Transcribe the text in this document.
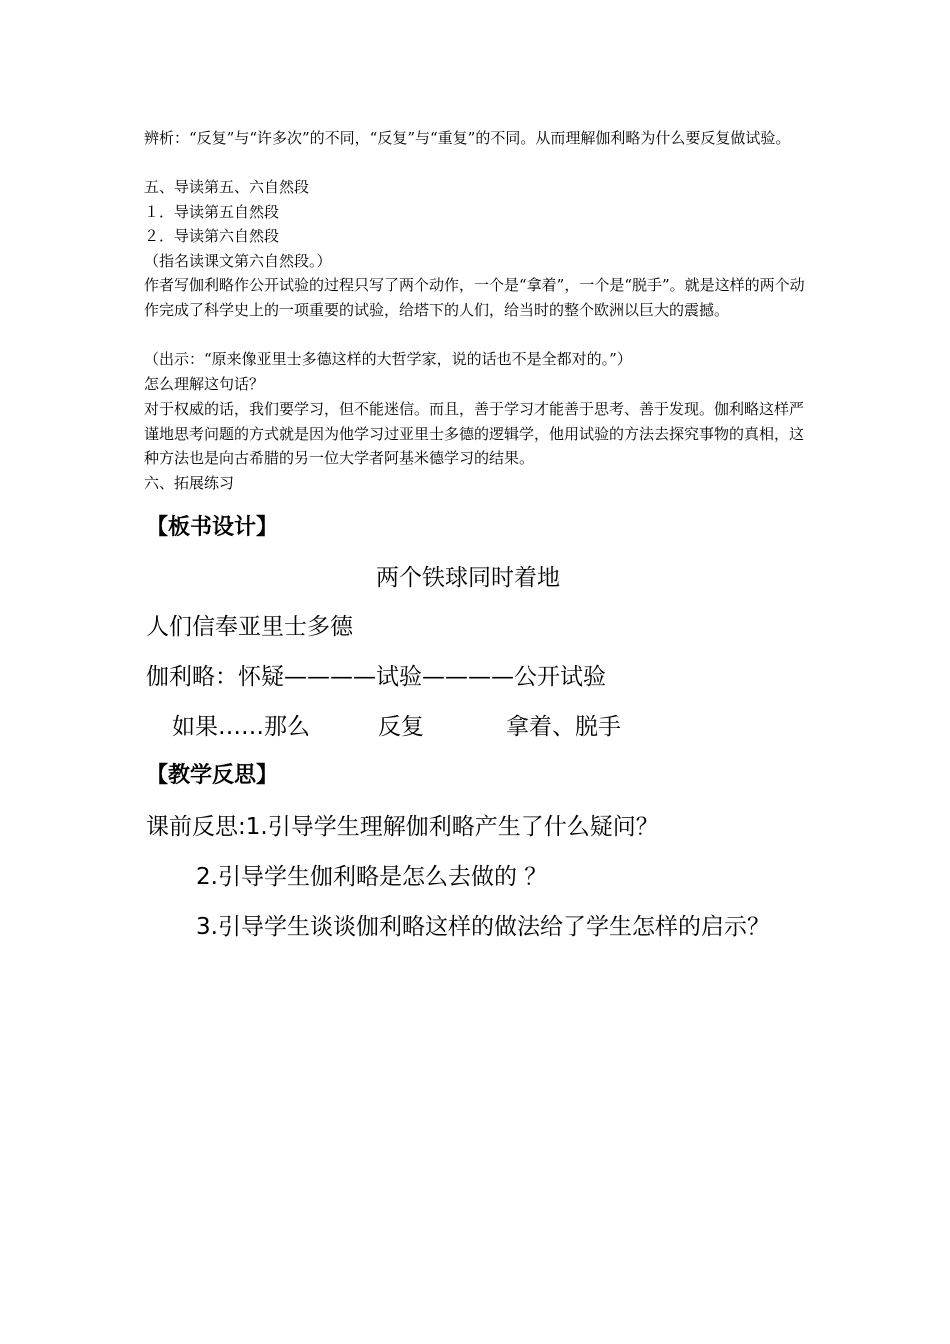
辨析：“反复”与“许多次”的不同，“反复”与“重复”的不同。从而理解伽利略为什么要反复做试验。
五、导读第五、六自然段
１．导读第五自然段
２．导读第六自然段
（指名读课文第六自然段。）
作者写伽利略作公开试验的过程只写了两个动作，一个是“拿着”，一个是“脱手”。就是这样的两个动作完成了科学史上的一项重要的试验，给塔下的人们，给当时的整个欧洲以巨大的震撼。
（出示：“原来像亚里士多德这样的大哲学家，说的话也不是全都对的。”）
怎么理解这句话？
对于权威的话，我们要学习，但不能迷信。而且，善于学习才能善于思考、善于发现。伽利略这样严谨地思考问题的方式就是因为他学习过亚里士多德的逻辑学，他用试验的方法去探究事物的真相，这种方法也是向古希腊的另一位大学者阿基米德学习的结果。
六、拓展练习
【板书设计】
两个铁球同时着地
人们信奉亚里士多德
伽利略：怀疑————试验————公开试验
如果……那么	反复	拿着、脱手
【教学反思】
课前反思:1.引导学生理解伽利略产生了什么疑问？
2.引导学生伽利略是怎么去做的 ？
3.引导学生谈谈伽利略这样的做法给了学生怎样的启示？
